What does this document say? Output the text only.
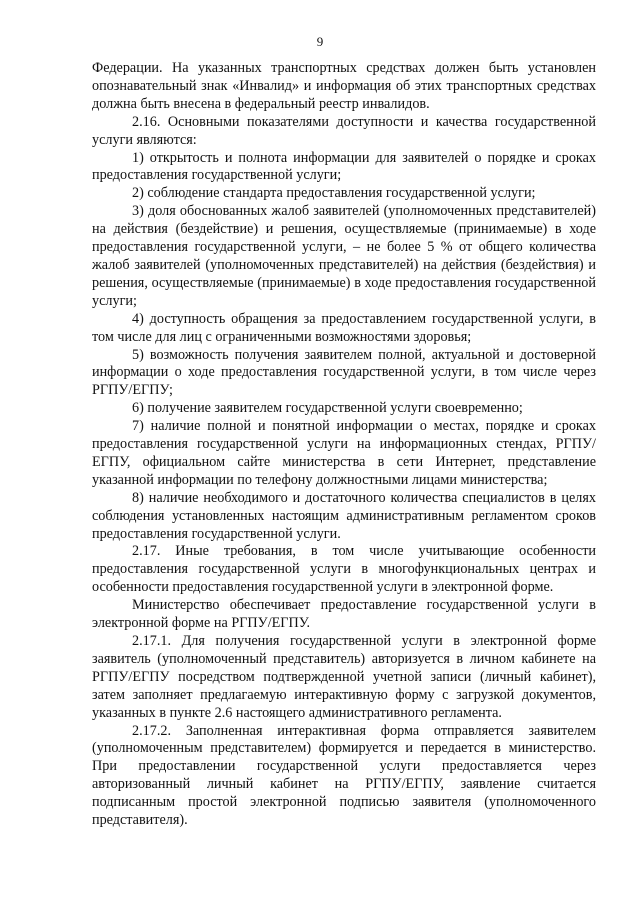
9

Федерации. На указанных транспортных средствах должен быть установлен опознавательный знак «Инвалид» и информация об этих транспортных средствах должна быть внесена в федеральный реестр инвалидов.

2.16. Основными показателями доступности и качества государственной услуги являются:

1) открытость и полнота информации для заявителей о порядке и сроках предоставления государственной услуги;

2) соблюдение стандарта предоставления государственной услуги;

3) доля обоснованных жалоб заявителей (уполномоченных представителей) на действия (бездействие) и решения, осуществляемые (принимаемые) в ходе предоставления государственной услуги, – не более 5 % от общего количества жалоб заявителей (уполномоченных представителей) на действия (бездействия) и решения, осуществляемые (принимаемые) в ходе предоставления государственной услуги;

4) доступность обращения за предоставлением государственной услуги, в том числе для лиц с ограниченными возможностями здоровья;

5) возможность получения заявителем полной, актуальной и достоверной информации о ходе предоставления государственной услуги, в том числе через РГПУ/ЕГПУ;

6) получение заявителем государственной услуги своевременно;

7) наличие полной и понятной информации о местах, порядке и сроках предоставления государственной услуги на информационных стендах, РГПУ/ЕГПУ, официальном сайте министерства в сети Интернет, представление указанной информации по телефону должностными лицами министерства;

8) наличие необходимого и достаточного количества специалистов в целях соблюдения установленных настоящим административным регламентом сроков предоставления государственной услуги.

2.17. Иные требования, в том числе учитывающие особенности предоставления государственной услуги в многофункциональных центрах и особенности предоставления государственной услуги в электронной форме.

Министерство обеспечивает предоставление государственной услуги в электронной форме на РГПУ/ЕГПУ.

2.17.1. Для получения государственной услуги в электронной форме заявитель (уполномоченный представитель) авторизуется в личном кабинете на РГПУ/ЕГПУ посредством подтвержденной учетной записи (личный кабинет), затем заполняет предлагаемую интерактивную форму с загрузкой документов, указанных в пункте 2.6 настоящего административного регламента.

2.17.2. Заполненная интерактивная форма отправляется заявителем (уполномоченным представителем) формируется и передается в министерство. При предоставлении государственной услуги предоставляется через авторизованный личный кабинет на РГПУ/ЕГПУ, заявление считается подписанным простой электронной подписью заявителя (уполномоченного представителя).
